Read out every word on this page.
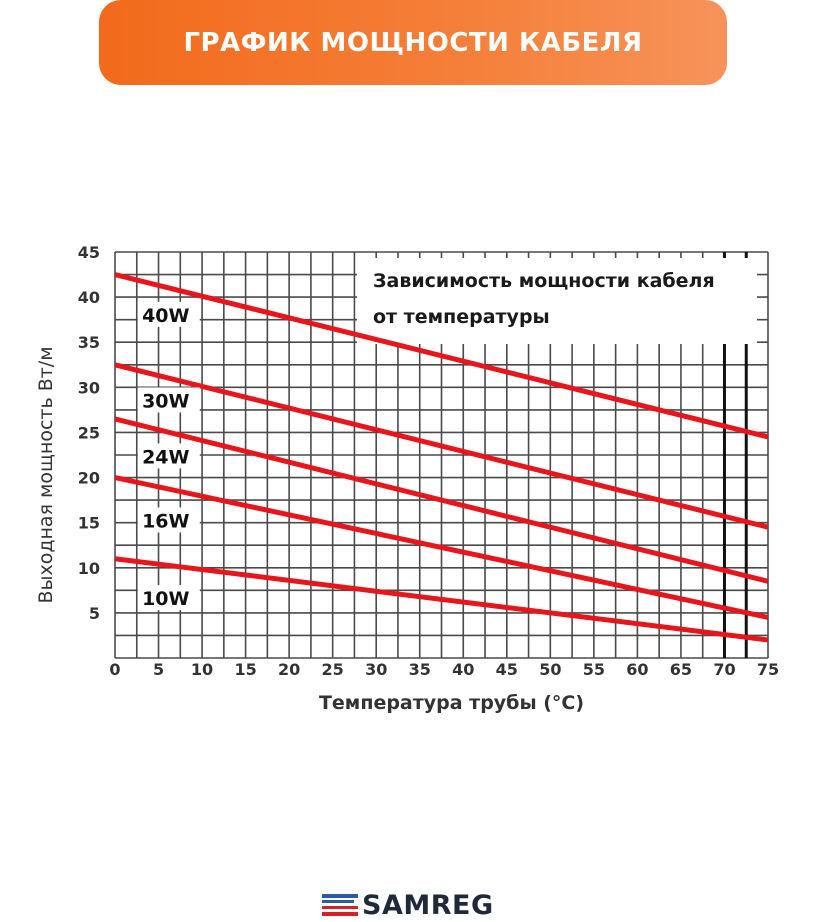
ГРАФИК МОЩНОСТИ КАБЕЛЯ
Зависимость мощности кабеля
от температуры
40W
30W
24W
16W
10W
0 5 10 15 20 25 30 35 40 45 50 55 60 65 70 75
5
10
15
20
25
30
35
40
45
Температура трубы (°C)
Выходная мощность Вт/м
SAMREG
